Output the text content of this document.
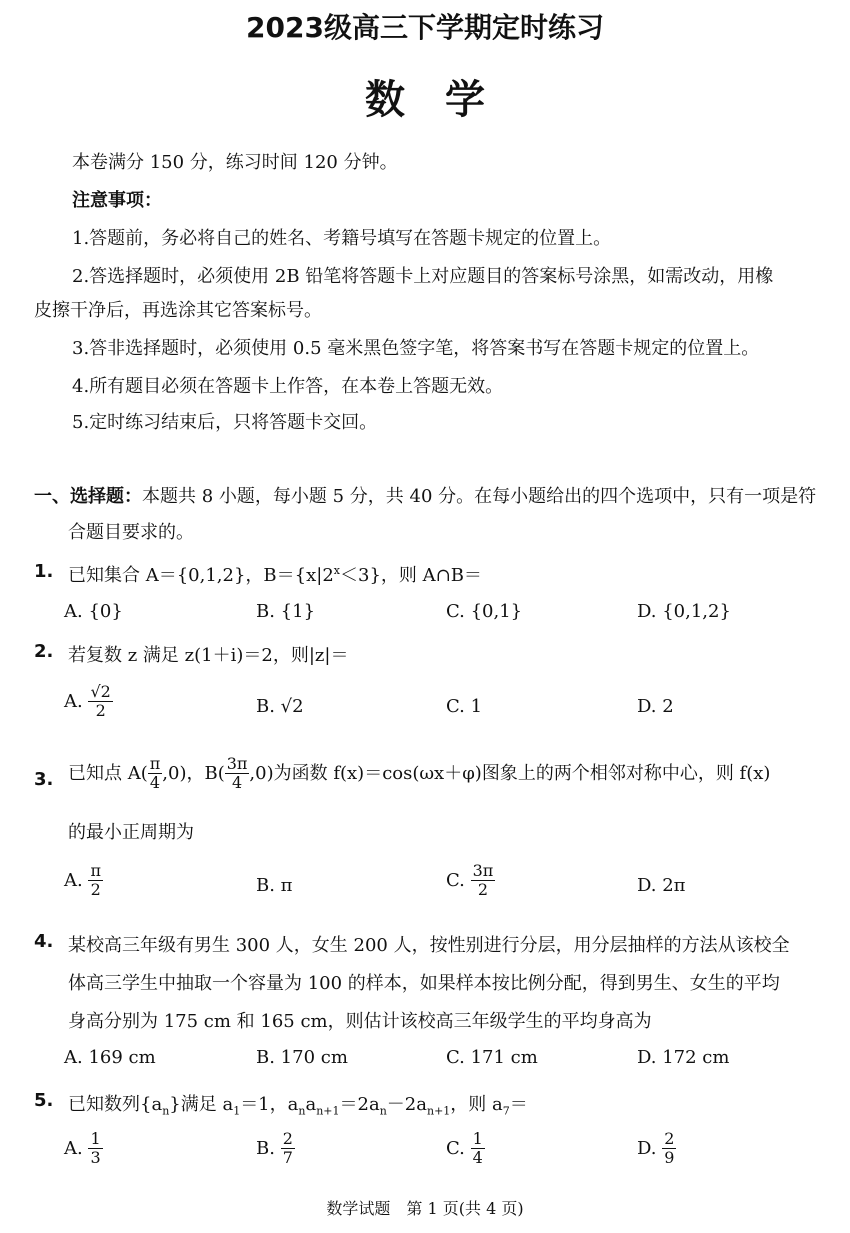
2023级高三下学期定时练习
数学
本卷满分 150 分，练习时间 120 分钟。
注意事项：
1.答题前，务必将自己的姓名、考籍号填写在答题卡规定的位置上。
2.答选择题时，必须使用 2B 铅笔将答题卡上对应题目的答案标号涂黑，如需改动，用橡
皮擦干净后，再选涂其它答案标号。
3.答非选择题时，必须使用 0.5 毫米黑色签字笔，将答案书写在答题卡规定的位置上。
4.所有题目必须在答题卡上作答，在本卷上答题无效。
5.定时练习结束后，只将答题卡交回。
一、选择题：本题共 8 小题，每小题 5 分，共 40 分。在每小题给出的四个选项中，只有一项是符
合题目要求的。
1. 已知集合 A＝{0,1,2}，$B=\{x|2^x<3\}$，则 A∩B＝
A. {0}	B. {1}	C. {0,1}	D. {0,1,2}
2. 若复数 z 满足 z(1＋i)＝2，则|z|＝
A. $\frac{√2}{2}$	B. √2	C. 1	D. 2
3. 已知点 $A( \frac{\pi}{4} ,0)$，$B( \frac{3\pi}{4} ,0)$为函数 f(x)＝cos(ωx＋φ)图象上的两个相邻对称中心，则 f(x)
的最小正周期为
A. $\frac{\pi}{2}$	B. π	C. $\frac{3\pi}{2}$	D. 2π
4. 某校高三年级有男生 300 人，女生 200 人，按性别进行分层，用分层抽样的方法从该校全
体高三学生中抽取一个容量为 100 的样本，如果样本按比例分配，得到男生、女生的平均
身高分别为 175 cm 和 165 cm，则估计该校高三年级学生的平均身高为
A. 169 cm	B. 170 cm	C. 171 cm	D. 172 cm
5. 已知数列$\{a_n\}$满足 $a_1=1$，$a_na_{n+1}=2a_n-2a_{n+1}$，则 $a_7=$
A. $\frac{1}{3}$	B. $\frac{2}{7}$	C. $\frac{1}{4}$	D. $\frac{2}{9}$
数学试题　第 1 页(共 4 页)
